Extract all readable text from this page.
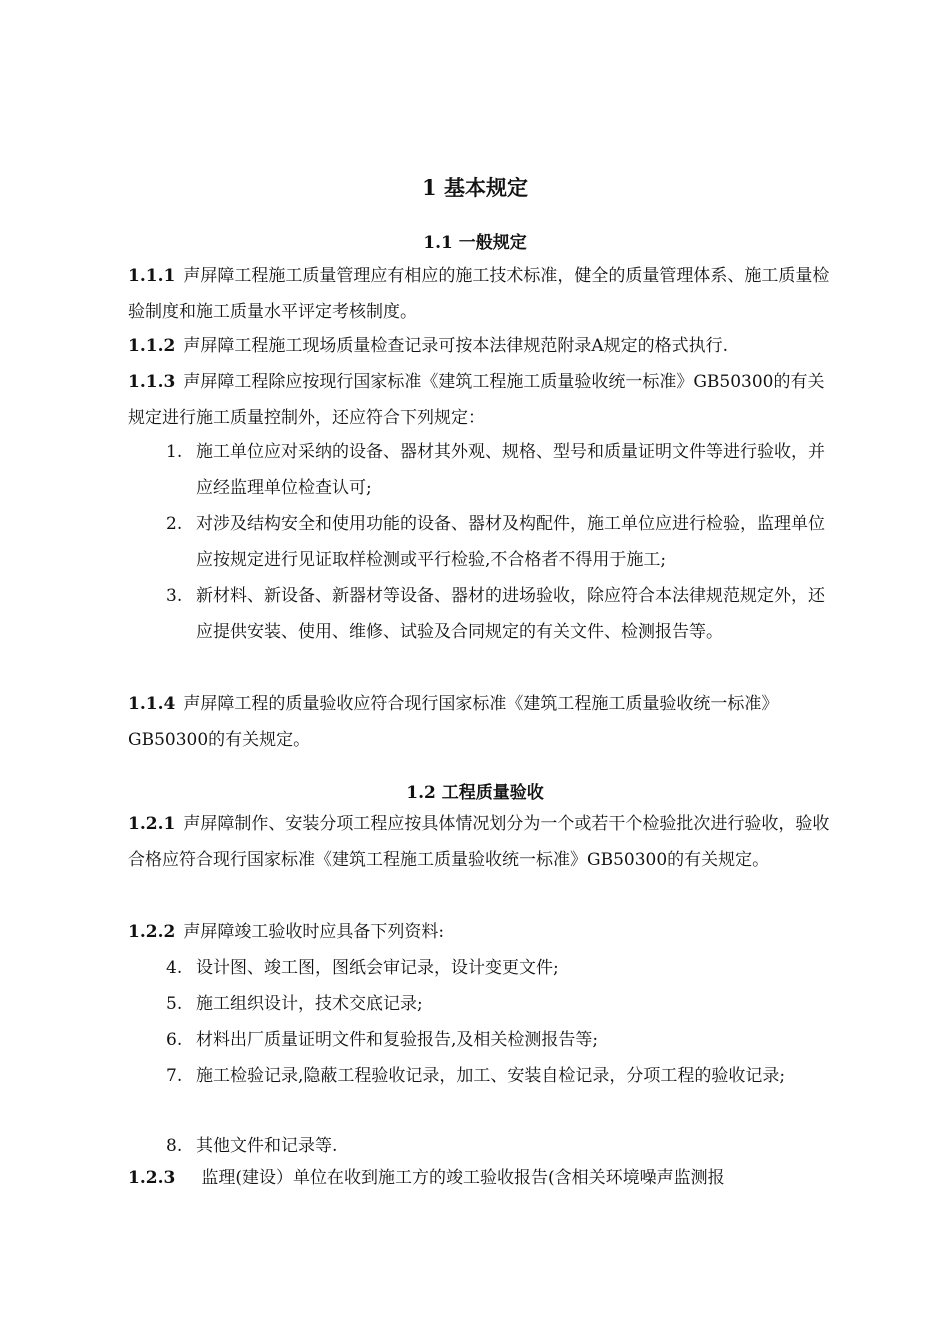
1 基本规定
1.1 一般规定
1.1.1 声屏障工程施工质量管理应有相应的施工技术标准，健全的质量管理体系、施工质量检验制度和施工质量水平评定考核制度。
1.1.2 声屏障工程施工现场质量检查记录可按本法律规范附录A规定的格式执行.
1.1.3 声屏障工程除应按现行国家标准《建筑工程施工质量验收统一标准》GB50300的有关规定进行施工质量控制外，还应符合下列规定：
1. 施工单位应对采纳的设备、器材其外观、规格、型号和质量证明文件等进行验收，并应经监理单位检查认可;
2. 对涉及结构安全和使用功能的设备、器材及构配件，施工单位应进行检验，监理单位应按规定进行见证取样检测或平行检验,不合格者不得用于施工;
3. 新材料、新设备、新器材等设备、器材的进场验收，除应符合本法律规范规定外，还应提供安装、使用、维修、试验及合同规定的有关文件、检测报告等。
1.1.4 声屏障工程的质量验收应符合现行国家标准《建筑工程施工质量验收统一标准》GB50300的有关规定。
1.2 工程质量验收
1.2.1 声屏障制作、安装分项工程应按具体情况划分为一个或若干个检验批次进行验收，验收合格应符合现行国家标准《建筑工程施工质量验收统一标准》GB50300的有关规定。
1.2.2 声屏障竣工验收时应具备下列资料:
4. 设计图、竣工图，图纸会审记录，设计变更文件;
5. 施工组织设计，技术交底记录;
6. 材料出厂质量证明文件和复验报告,及相关检测报告等;
7. 施工检验记录,隐蔽工程验收记录，加工、安装自检记录，分项工程的验收记录;
8. 其他文件和记录等.
1.2.3 监理(建设）单位在收到施工方的竣工验收报告(含相关环境噪声监测报
